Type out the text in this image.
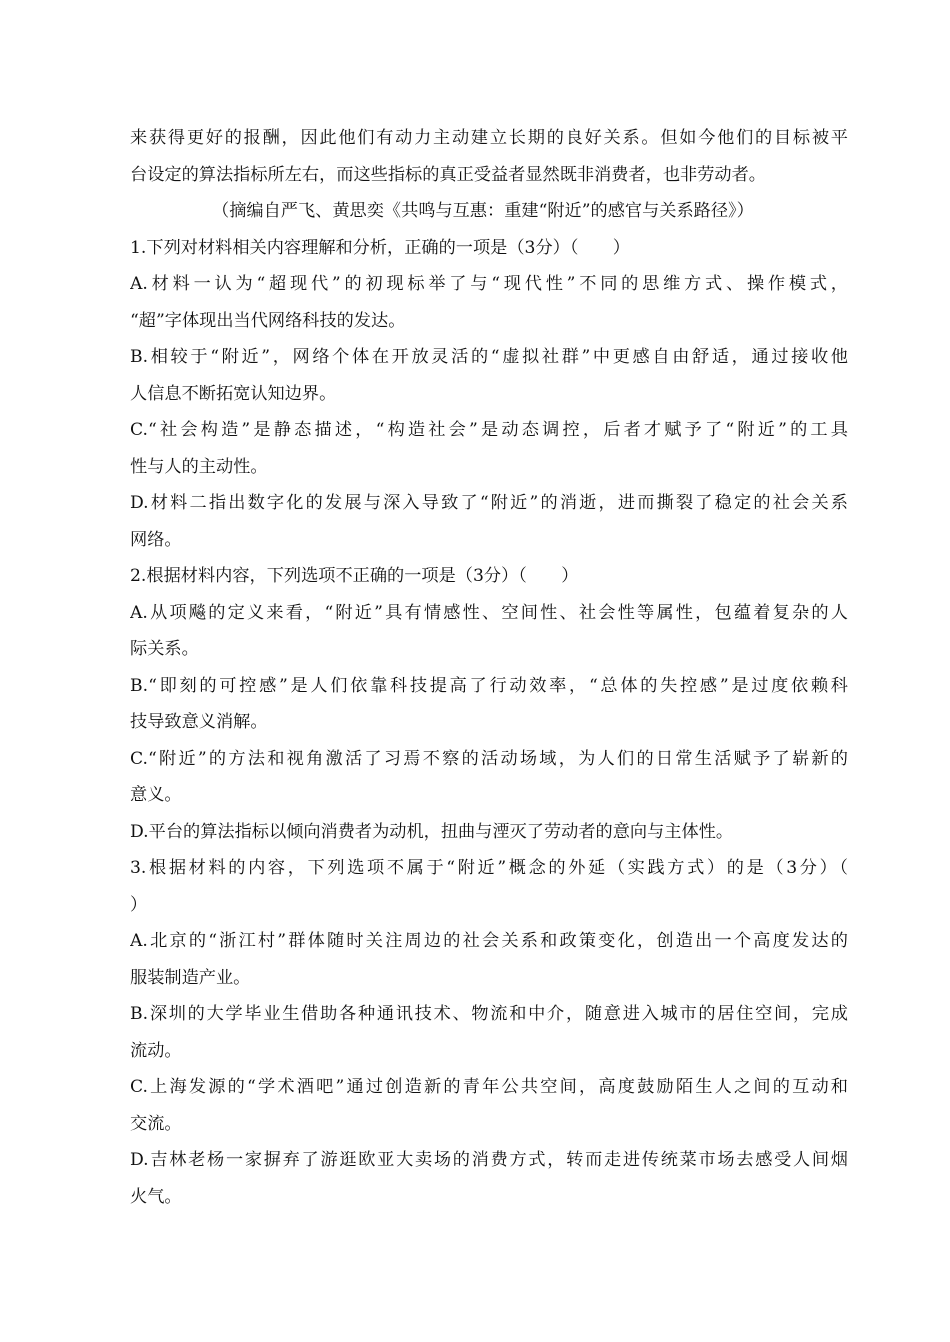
来获得更好的报酬，因此他们有动力主动建立长期的良好关系。但如今他们的目标被平
台设定的算法指标所左右，而这些指标的真正受益者显然既非消费者，也非劳动者。
（摘编自严飞、黄思奕《共鸣与互惠：重建“附近”的感官与关系路径》）
1.下列对材料相关内容理解和分析，正确的一项是（3分）（　　）
A.材料一认为“超现代”的初现标举了与“现代性”不同的思维方式、操作模式，
“超”字体现出当代网络科技的发达。
B.相较于“附近”，网络个体在开放灵活的“虚拟社群”中更感自由舒适，通过接收他
人信息不断拓宽认知边界。
C.“社会构造”是静态描述，“构造社会”是动态调控，后者才赋予了“附近”的工具
性与人的主动性。
D.材料二指出数字化的发展与深入导致了“附近”的消逝，进而撕裂了稳定的社会关系
网络。
2.根据材料内容，下列选项不正确的一项是（3分）（　　）
A.从项飚的定义来看，“附近”具有情感性、空间性、社会性等属性，包蕴着复杂的人
际关系。
B.“即刻的可控感”是人们依靠科技提高了行动效率，“总体的失控感”是过度依赖科
技导致意义消解。
C.“附近”的方法和视角激活了习焉不察的活动场域，为人们的日常生活赋予了崭新的
意义。
D.平台的算法指标以倾向消费者为动机，扭曲与湮灭了劳动者的意向与主体性。
3.根据材料的内容，下列选项不属于“附近”概念的外延（实践方式）的是（3分）（
）
A.北京的“浙江村”群体随时关注周边的社会关系和政策变化，创造出一个高度发达的
服装制造产业。
B.深圳的大学毕业生借助各种通讯技术、物流和中介，随意进入城市的居住空间，完成
流动。
C.上海发源的“学术酒吧”通过创造新的青年公共空间，高度鼓励陌生人之间的互动和
交流。
D.吉林老杨一家摒弃了游逛欧亚大卖场的消费方式，转而走进传统菜市场去感受人间烟
火气。
